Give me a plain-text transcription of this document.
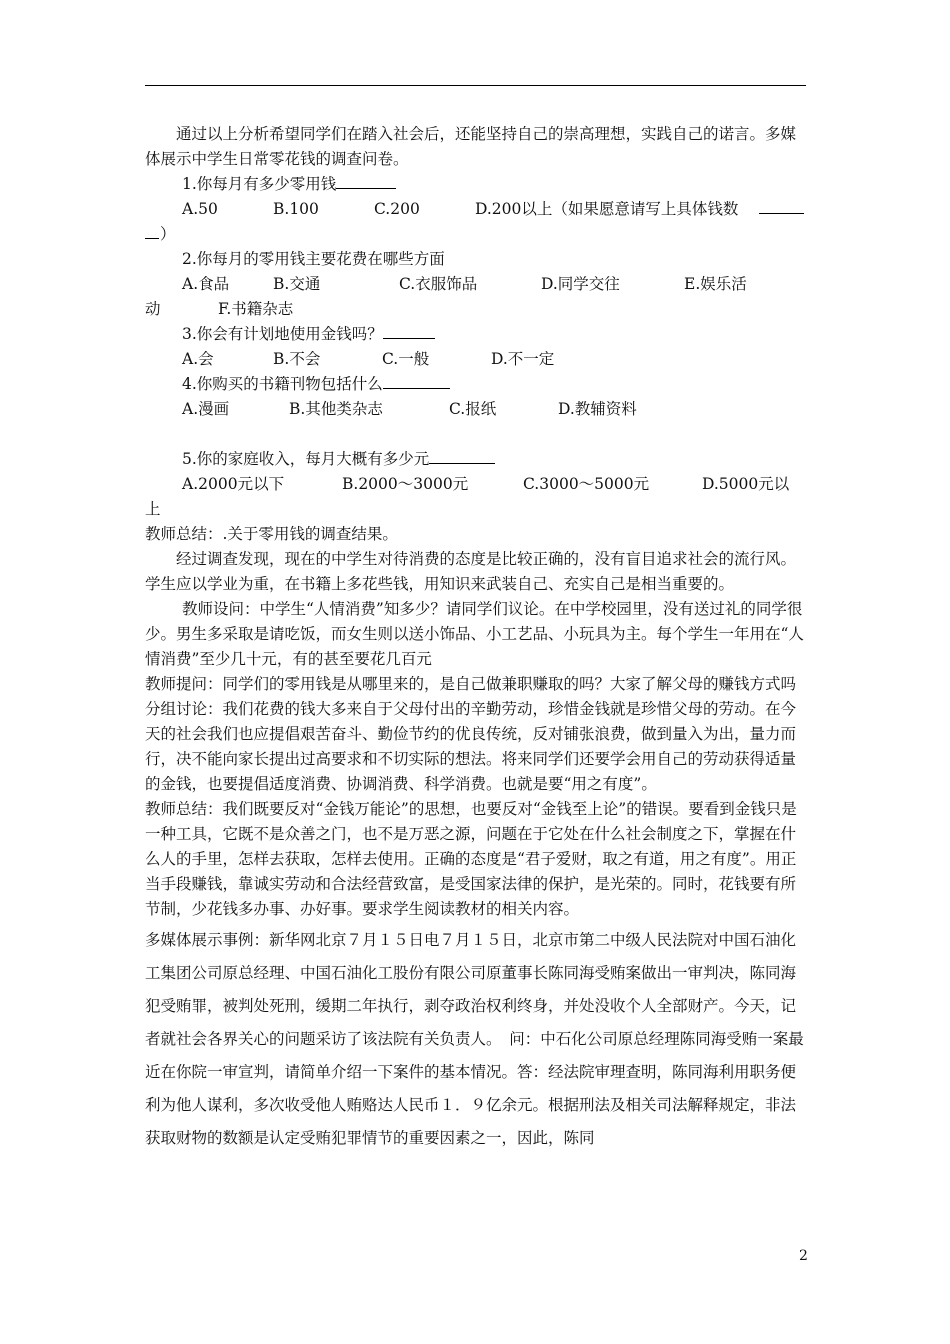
通过以上分析希望同学们在踏入社会后，还能坚持自己的崇高理想，实践自己的诺言。多媒体展示中学生日常零花钱的调查问卷。

1.你每月有多少零用钱

A.50	B.100	C.200	D.200以上（如果愿意请写上具体钱数
）

2.你每月的零用钱主要花费在哪些方面

A.食品	B.交通	C.衣服饰品	D.同学交往	E.娱乐活
动	F.书籍杂志

3.你会有计划地使用金钱吗？

A.会	B.不会	C.一般	D.不一定

4.你购买的书籍刊物包括什么

A.漫画	B.其他类杂志	C.报纸	D.教辅资料

5.你的家庭收入，每月大概有多少元

A.2000元以下	B.2000～3000元	C.3000～5000元	D.5000元以
上

教师总结：.关于零用钱的调查结果。

经过调查发现，现在的中学生对待消费的态度是比较正确的，没有盲目追求社会的流行风。学生应以学业为重，在书籍上多花些钱，用知识来武装自己、充实自己是相当重要的。

教师设问：中学生“人情消费”知多少？请同学们议论。在中学校园里，没有送过礼的同学很少。男生多采取是请吃饭，而女生则以送小饰品、小工艺品、小玩具为主。每个学生一年用在“人情消费”至少几十元，有的甚至要花几百元

教师提问：同学们的零用钱是从哪里来的，是自己做兼职赚取的吗？大家了解父母的赚钱方式吗

分组讨论：我们花费的钱大多来自于父母付出的辛勤劳动，珍惜金钱就是珍惜父母的劳动。在今天的社会我们也应提倡艰苦奋斗、勤俭节约的优良传统，反对铺张浪费，做到量入为出，量力而行，决不能向家长提出过高要求和不切实际的想法。将来同学们还要学会用自己的劳动获得适量的金钱，也要提倡适度消费、协调消费、科学消费。也就是要“用之有度”。

教师总结：我们既要反对“金钱万能论”的思想，也要反对“金钱至上论”的错误。要看到金钱只是一种工具，它既不是众善之门，也不是万恶之源，问题在于它处在什么社会制度之下，掌握在什么人的手里，怎样去获取，怎样去使用。正确的态度是“君子爱财，取之有道，用之有度”。用正当手段赚钱，靠诚实劳动和合法经营致富，是受国家法律的保护，是光荣的。同时，花钱要有所节制，少花钱多办事、办好事。要求学生阅读教材的相关内容。

多媒体展示事例：新华网北京７月１５日电７月１５日，北京市第二中级人民法院对中国石油化工集团公司原总经理、中国石油化工股份有限公司原董事长陈同海受贿案做出一审判决，陈同海犯受贿罪，被判处死刑，缓期二年执行，剥夺政治权利终身，并处没收个人全部财产。今天，记者就社会各界关心的问题采访了该法院有关负责人。　问：中石化公司原总经理陈同海受贿一案最近在你院一审宣判，请简单介绍一下案件的基本情况。答：经法院审理查明，陈同海利用职务便利为他人谋利，多次收受他人贿赂达人民币１．９亿余元。根据刑法及相关司法解释规定，非法获取财物的数额是认定受贿犯罪情节的重要因素之一，因此，陈同

2
